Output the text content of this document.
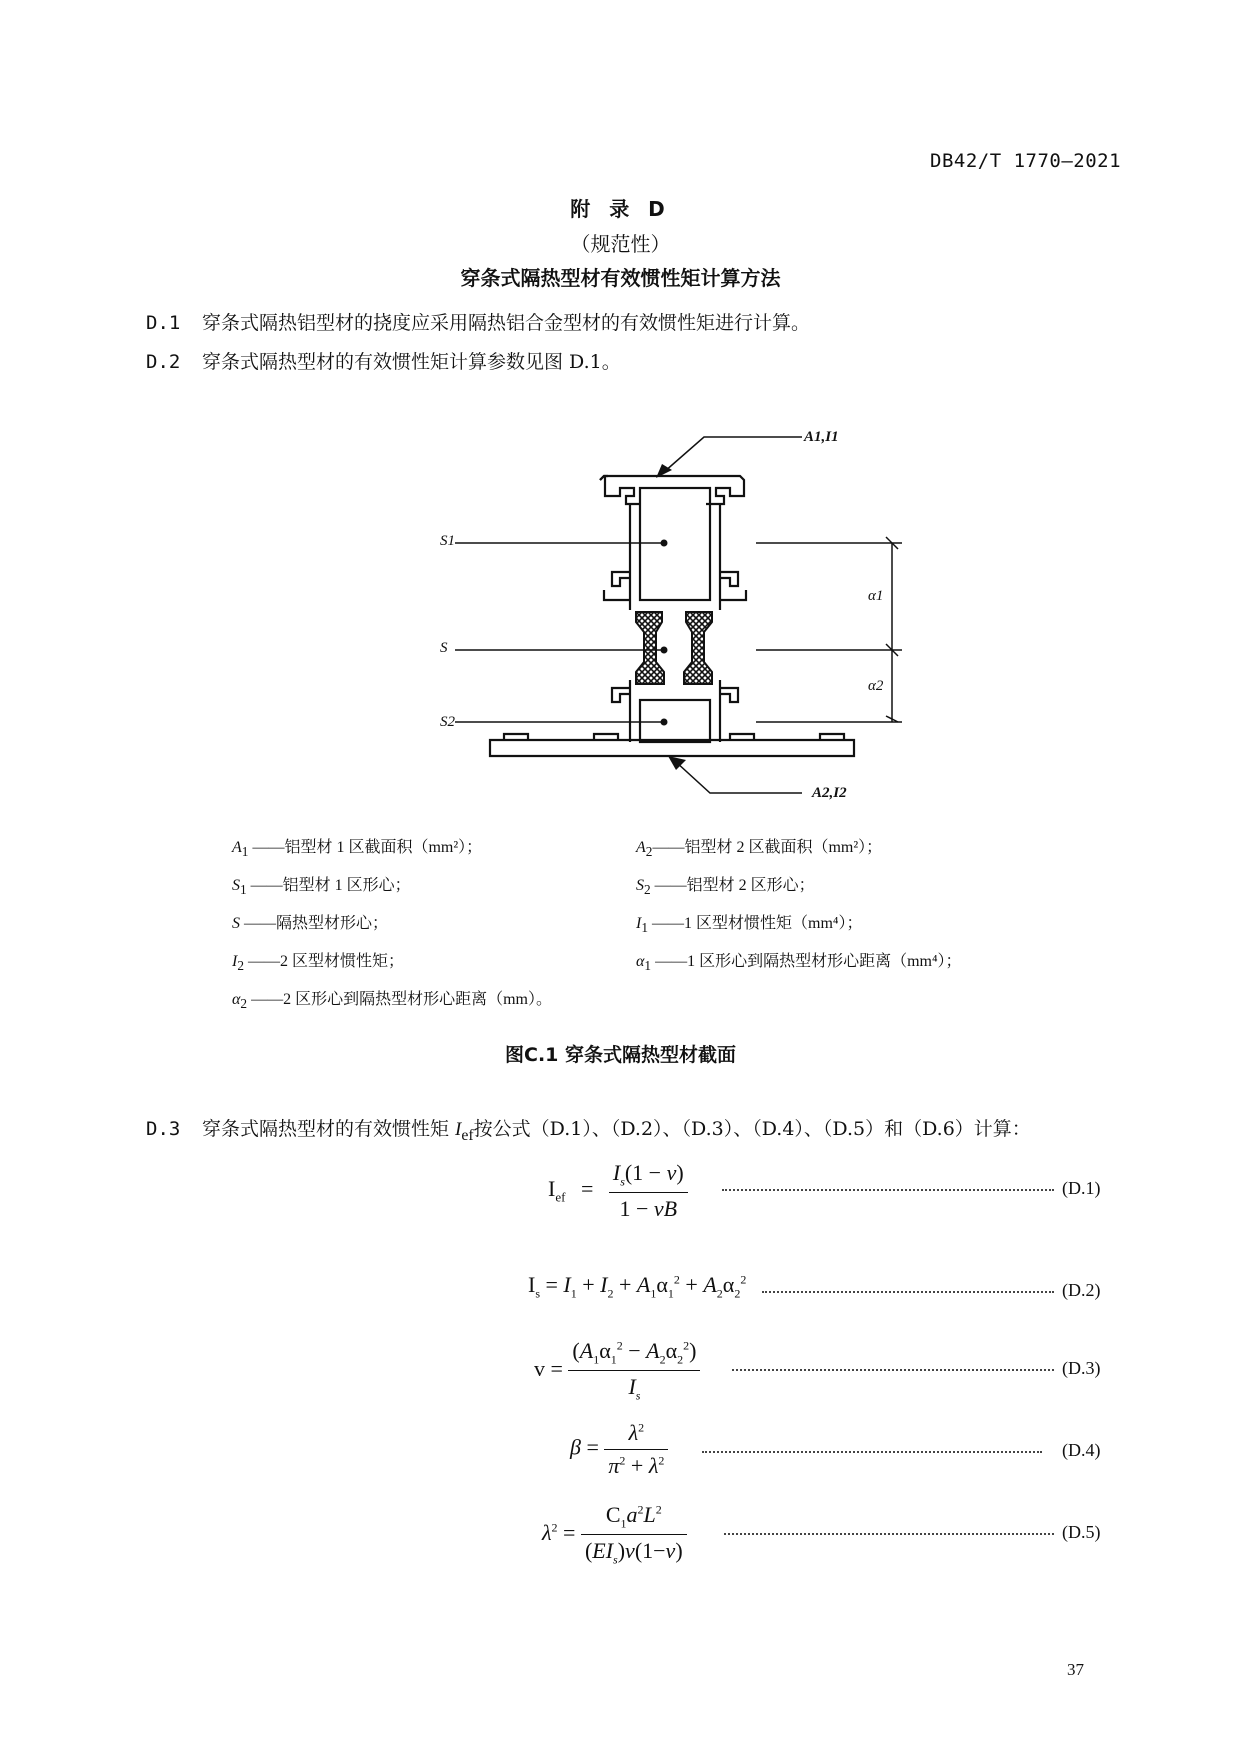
DB42/T 1770—2021
附 录 D
（规范性）
穿条式隔热型材有效惯性矩计算方法
D.1 穿条式隔热铝型材的挠度应采用隔热铝合金型材的有效惯性矩进行计算。
D.2 穿条式隔热型材的有效惯性矩计算参数见图 D.1。
A1,I1
A2,I2
S1
S
S2
α1
α2
$A_1$ ——铝型材 1 区截面积（mm²）；	$A_2——$铝型材 2 区截面积（mm²）；
$S_1$ ——铝型材 1 区形心；	$S_2$ ——铝型材 2 区形心；
S ——隔热型材形心；	$I_1$ ——1 区型材惯性矩（mm⁴）；
$I_2$ ——2 区型材惯性矩；	$\alpha_1$ ——1 区形心到隔热型材形心距离（mm⁴）；
$\alpha_2$ ——2 区形心到隔热型材形心距离（mm）。
图C.1 穿条式隔热型材截面
D.3 穿条式隔热型材的有效惯性矩 $I_{ef}$按公式（D.1）、（D.2）、（D.3）、（D.4）、（D.5）和（D.6）计算：
$I_{ef} = \frac{I_s(1 - v)}{1 - vB}$	(D.1)
$I_s = I_1 + I_2 + A_1\alpha_1^2 + A_2\alpha_2^2$
(D.2)
$v = \frac{(A_1\alpha_1^2 - A_2\alpha_2^2)}{I_s}$	(D.3)
$\beta = \frac{\lambda^2}{\pi^2 + \lambda^2}$	(D.4)
$\lambda^2 = \frac{C_1a^2L^2}{(EI_s)v(1-v)}$	(D.5)
37
